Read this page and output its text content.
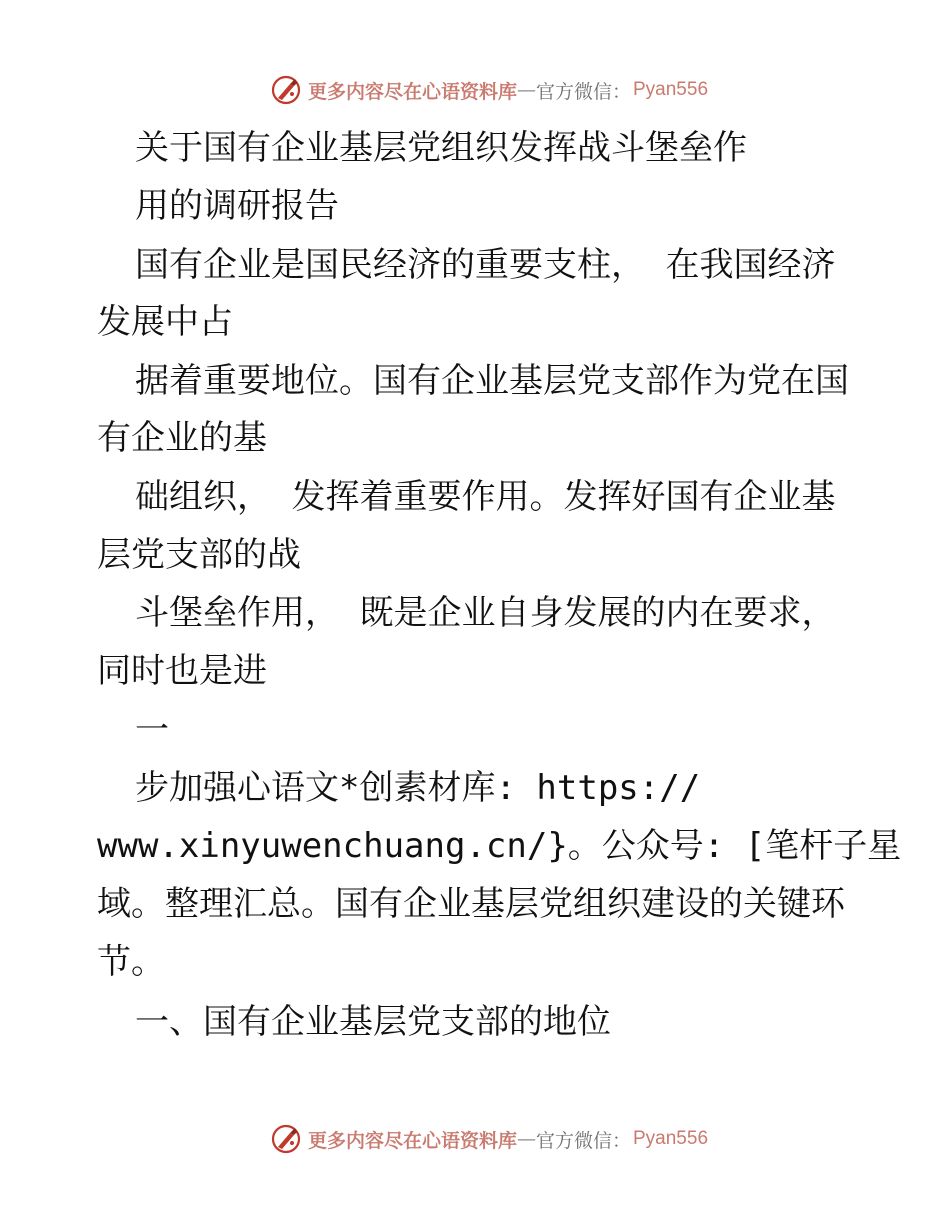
更多内容尽在心语资料库 — 官方微信： Pyan556
关于国有企业基层党组织发挥战斗堡垒作
用的调研报告
国有企业是国民经济的重要支柱， 在我国经济
发展中占
据着重要地位。国有企业基层党支部作为党在国
有企业的基
础组织， 发挥着重要作用。发挥好国有企业基
层党支部的战
斗堡垒作用， 既是企业自身发展的内在要求，
同时也是进
一
步加强心语文*创素材库: https://
www.xinyuwenchuang.cn/}。公众号: [笔杆子星
域。整理汇总。国有企业基层党组织建设的关键环
节。
一、国有企业基层党支部的地位
更多内容尽在心语资料库 — 官方微信： Pyan556
